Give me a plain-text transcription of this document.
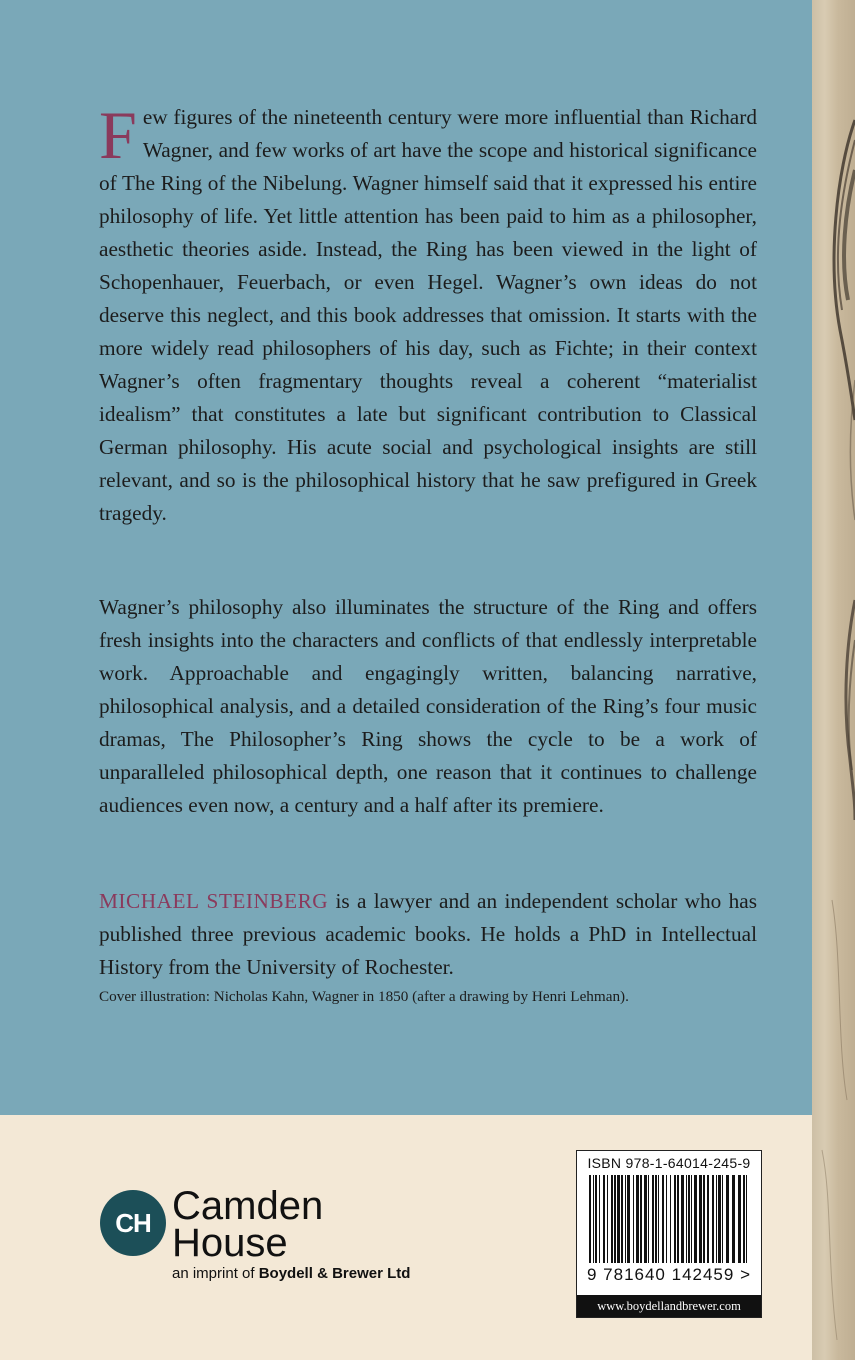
Few figures of the nineteenth century were more influential than Richard Wagner, and few works of art have the scope and historical significance of The Ring of the Nibelung. Wagner himself said that it expressed his entire philosophy of life. Yet little attention has been paid to him as a philosopher, aesthetic theories aside. Instead, the Ring has been viewed in the light of Schopenhauer, Feuerbach, or even Hegel. Wagner’s own ideas do not deserve this neglect, and this book addresses that omission. It starts with the more widely read philosophers of his day, such as Fichte; in their context Wagner’s often fragmentary thoughts reveal a coherent “materialist idealism” that constitutes a late but significant contribution to Classical German philosophy. His acute social and psychological insights are still relevant, and so is the philosophical history that he saw prefigured in Greek tragedy.

Wagner’s philosophy also illuminates the structure of the Ring and offers fresh insights into the characters and conflicts of that endlessly interpretable work. Approachable and engagingly written, balancing narrative, philosophical analysis, and a detailed consideration of the Ring’s four music dramas, The Philosopher’s Ring shows the cycle to be a work of unparalleled philosophical depth, one reason that it continues to challenge audiences even now, a century and a half after its premiere.

MICHAEL STEINBERG is a lawyer and an independent scholar who has published three previous academic books. He holds a PhD in Intellectual History from the University of Rochester.

Cover illustration: Nicholas Kahn, Wagner in 1850 (after a drawing by Henri Lehman).

CH Camden
House
an imprint of Boydell & Brewer Ltd
ISBN 978-1-64014-245-9
9 781640 142459 >
www.boydellandbrewer.com
